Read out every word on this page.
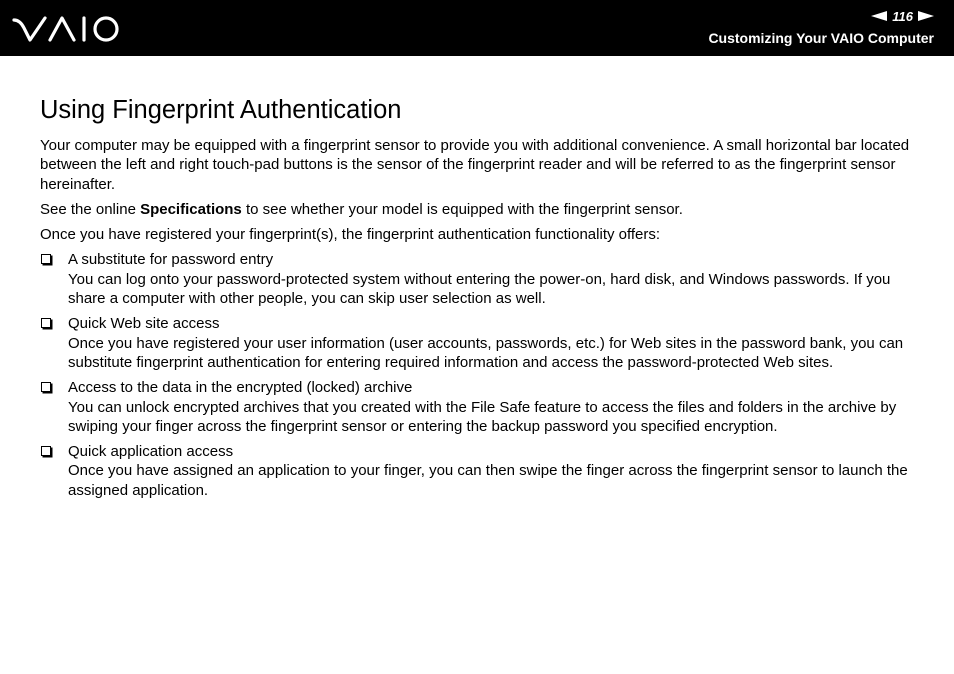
116
Customizing Your VAIO Computer
Using Fingerprint Authentication

Your computer may be equipped with a fingerprint sensor to provide you with additional convenience. A small horizontal bar located between the left and right touch-pad buttons is the sensor of the fingerprint reader and will be referred to as the fingerprint sensor hereinafter.

See the online Specifications to see whether your model is equipped with the fingerprint sensor.

Once you have registered your fingerprint(s), the fingerprint authentication functionality offers:

A substitute for password entry
You can log onto your password-protected system without entering the power-on, hard disk, and Windows passwords. If you share a computer with other people, you can skip user selection as well.
Quick Web site access
Once you have registered your user information (user accounts, passwords, etc.) for Web sites in the password bank, you can substitute fingerprint authentication for entering required information and access the password-protected Web sites.
Access to the data in the encrypted (locked) archive
You can unlock encrypted archives that you created with the File Safe feature to access the files and folders in the archive by swiping your finger across the fingerprint sensor or entering the backup password you specified encryption.
Quick application access
Once you have assigned an application to your finger, you can then swipe the finger across the fingerprint sensor to launch the assigned application.
